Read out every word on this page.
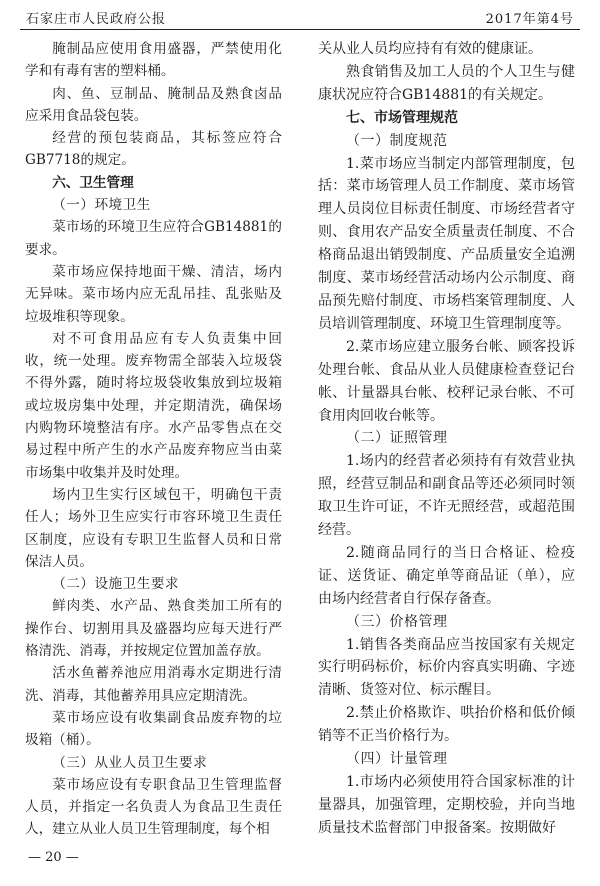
石家庄市人民政府公报	2017年第4号

腌制品应使用食用盛器，严禁使用化学和有毒有害的塑料桶。

肉、鱼、豆制品、腌制品及熟食卤品应采用食品袋包装。

经营的预包装商品，其标签应符合GB7718的规定。

六、卫生管理

（一）环境卫生

菜市场的环境卫生应符合GB14881的要求。

菜市场应保持地面干燥、清洁，场内无异味。菜市场内应无乱吊挂、乱张贴及垃圾堆积等现象。

对不可食用品应有专人负责集中回收，统一处理。废弃物需全部装入垃圾袋不得外露，随时将垃圾袋收集放到垃圾箱或垃圾房集中处理，并定期清洗，确保场内购物环境整洁有序。水产品零售点在交易过程中所产生的水产品废弃物应当由菜市场集中收集并及时处理。

场内卫生实行区域包干，明确包干责任人；场外卫生应实行市容环境卫生责任区制度，应设有专职卫生监督人员和日常保洁人员。

（二）设施卫生要求

鲜肉类、水产品、熟食类加工所有的操作台、切割用具及盛器均应每天进行严格清洗、消毒，并按规定位置加盖存放。

活水鱼蓄养池应用消毒水定期进行清洗、消毒，其他蓄养用具应定期清洗。

菜市场应设有收集副食品废弃物的垃圾箱（桶）。

（三）从业人员卫生要求

菜市场应设有专职食品卫生管理监督人员，并指定一名负责人为食品卫生责任人，建立从业人员卫生管理制度，每个相

关从业人员均应持有有效的健康证。

熟食销售及加工人员的个人卫生与健康状况应符合GB14881的有关规定。

七、市场管理规范

（一）制度规范

1.菜市场应当制定内部管理制度，包括：菜市场管理人员工作制度、菜市场管理人员岗位目标责任制度、市场经营者守则、食用农产品安全质量责任制度、不合格商品退出销毁制度、产品质量安全追溯制度、菜市场经营活动场内公示制度、商品预先赔付制度、市场档案管理制度、人员培训管理制度、环境卫生管理制度等。

2.菜市场应建立服务台帐、顾客投诉处理台帐、食品从业人员健康检查登记台帐、计量器具台帐、校秤记录台帐、不可食用肉回收台帐等。

（二）证照管理

1.场内的经营者必须持有有效营业执照，经营豆制品和副食品等还必须同时领取卫生许可证，不许无照经营，或超范围经营。

2.随商品同行的当日合格证、检疫证、送货证、确定单等商品证（单），应由场内经营者自行保存备查。

（三）价格管理

1.销售各类商品应当按国家有关规定实行明码标价，标价内容真实明确、字迹清晰、货签对位、标示醒目。

2.禁止价格欺诈、哄抬价格和低价倾销等不正当价格行为。

（四）计量管理

1.市场内必须使用符合国家标准的计量器具，加强管理，定期校验，并向当地质量技术监督部门申报备案。按期做好

— 20 —
